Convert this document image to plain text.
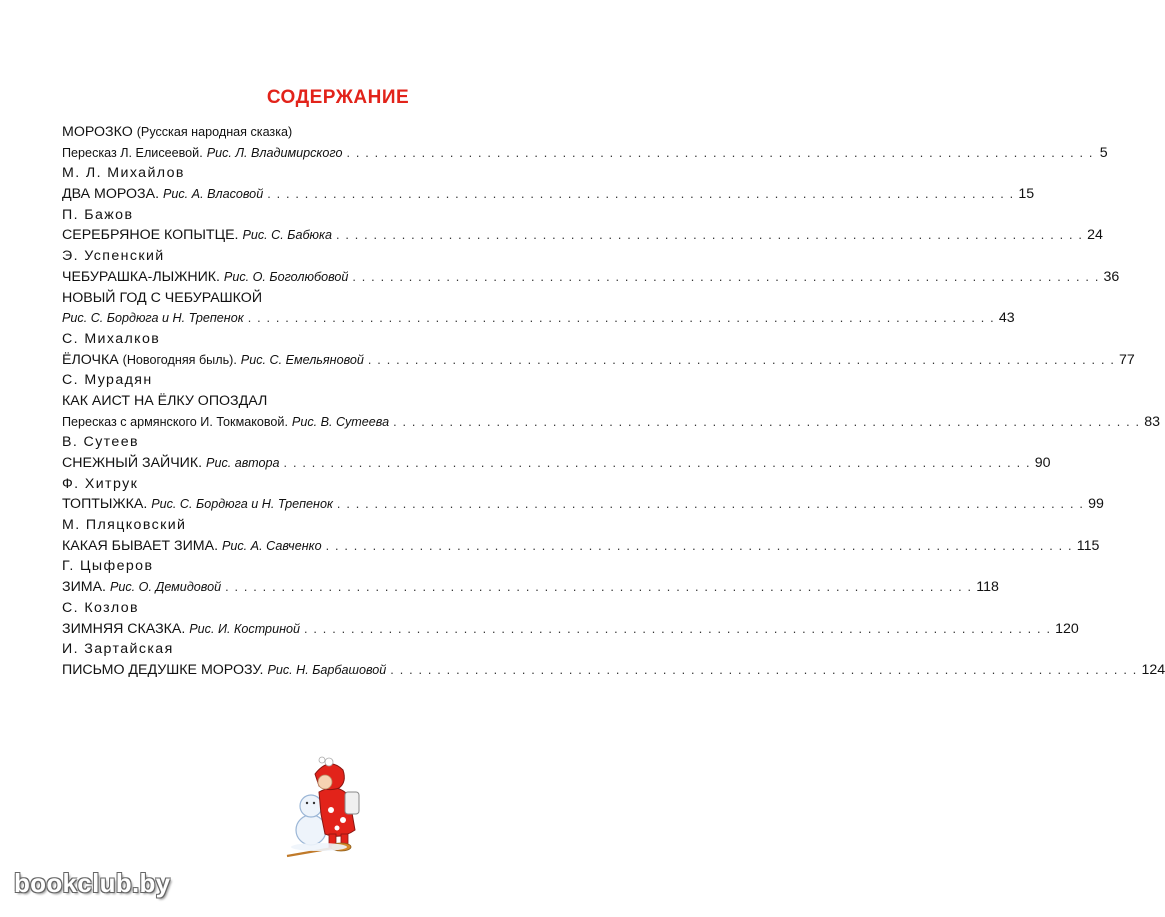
СОДЕРЖАНИЕ
МОРОЗКО (Русская народная сказка)
Пересказ Л. Елисеевой. Рис. Л. Владимирского . . . . . . . . . . . . . . . . . . . . . . . . . . . . . . . . . . . . . . . . . . . . . . . . . . . . . . . . . . . . . . . . . . . . . . . . . . . . . . . . 5
М. Л. Михайлов
ДВА МОРОЗА. Рис. А. Власовой . . . . . . . . . . . . . . . . . . . . . . . . . . . . . . . . . . . . . . . . . . . . . . . . . . . . . . . . . . . . . . . . . . . . . . . . . . . . . . . . 15
П. Бажов
СЕРЕБРЯНОЕ КОПЫТЦЕ. Рис. С. Бабюка . . . . . . . . . . . . . . . . . . . . . . . . . . . . . . . . . . . . . . . . . . . . . . . . . . . . . . . . . . . . . . . . . . . . . . . . . . . . . . . . 24
Э. Успенский
ЧЕБУРАШКА-ЛЫЖНИК. Рис. О. Боголюбовой . . . . . . . . . . . . . . . . . . . . . . . . . . . . . . . . . . . . . . . . . . . . . . . . . . . . . . . . . . . . . . . . . . . . . . . . . . . . . . . . 36
НОВЫЙ ГОД С ЧЕБУРАШКОЙ
Рис. С. Бордюга и Н. Трепенок . . . . . . . . . . . . . . . . . . . . . . . . . . . . . . . . . . . . . . . . . . . . . . . . . . . . . . . . . . . . . . . . . . . . . . . . . . . . . . . . 43
С. Михалков
ЁЛОЧКА (Новогодняя быль). Рис. С. Емельяновой . . . . . . . . . . . . . . . . . . . . . . . . . . . . . . . . . . . . . . . . . . . . . . . . . . . . . . . . . . . . . . . . . . . . . . . . . . . . . . . . 77
С. Мурадян
КАК АИСТ НА ЁЛКУ ОПОЗДАЛ
Пересказ с армянского И. Токмаковой. Рис. В. Сутеева . . . . . . . . . . . . . . . . . . . . . . . . . . . . . . . . . . . . . . . . . . . . . . . . . . . . . . . . . . . . . . . . . . . . . . . . . . . . . . . . 83
В. Сутеев
СНЕЖНЫЙ ЗАЙЧИК. Рис. автора . . . . . . . . . . . . . . . . . . . . . . . . . . . . . . . . . . . . . . . . . . . . . . . . . . . . . . . . . . . . . . . . . . . . . . . . . . . . . . . . 90
Ф. Хитрук
ТОПТЫЖКА. Рис. С. Бордюга и Н. Трепенок . . . . . . . . . . . . . . . . . . . . . . . . . . . . . . . . . . . . . . . . . . . . . . . . . . . . . . . . . . . . . . . . . . . . . . . . . . . . . . . . 99
М. Пляцковский
КАКАЯ БЫВАЕТ ЗИМА. Рис. А. Савченко . . . . . . . . . . . . . . . . . . . . . . . . . . . . . . . . . . . . . . . . . . . . . . . . . . . . . . . . . . . . . . . . . . . . . . . . . . . . . . . . 115
Г. Цыферов
ЗИМА. Рис. О. Демидовой . . . . . . . . . . . . . . . . . . . . . . . . . . . . . . . . . . . . . . . . . . . . . . . . . . . . . . . . . . . . . . . . . . . . . . . . . . . . . . . . 118
С. Козлов
ЗИМНЯЯ СКАЗКА. Рис. И. Костриной . . . . . . . . . . . . . . . . . . . . . . . . . . . . . . . . . . . . . . . . . . . . . . . . . . . . . . . . . . . . . . . . . . . . . . . . . . . . . . . . 120
И. Зартайская
ПИСЬМО ДЕДУШКЕ МОРОЗУ. Рис. Н. Барбашовой . . . . . . . . . . . . . . . . . . . . . . . . . . . . . . . . . . . . . . . . . . . . . . . . . . . . . . . . . . . . . . . . . . . . . . . . . . . . . . . . 124
bookclub.by
